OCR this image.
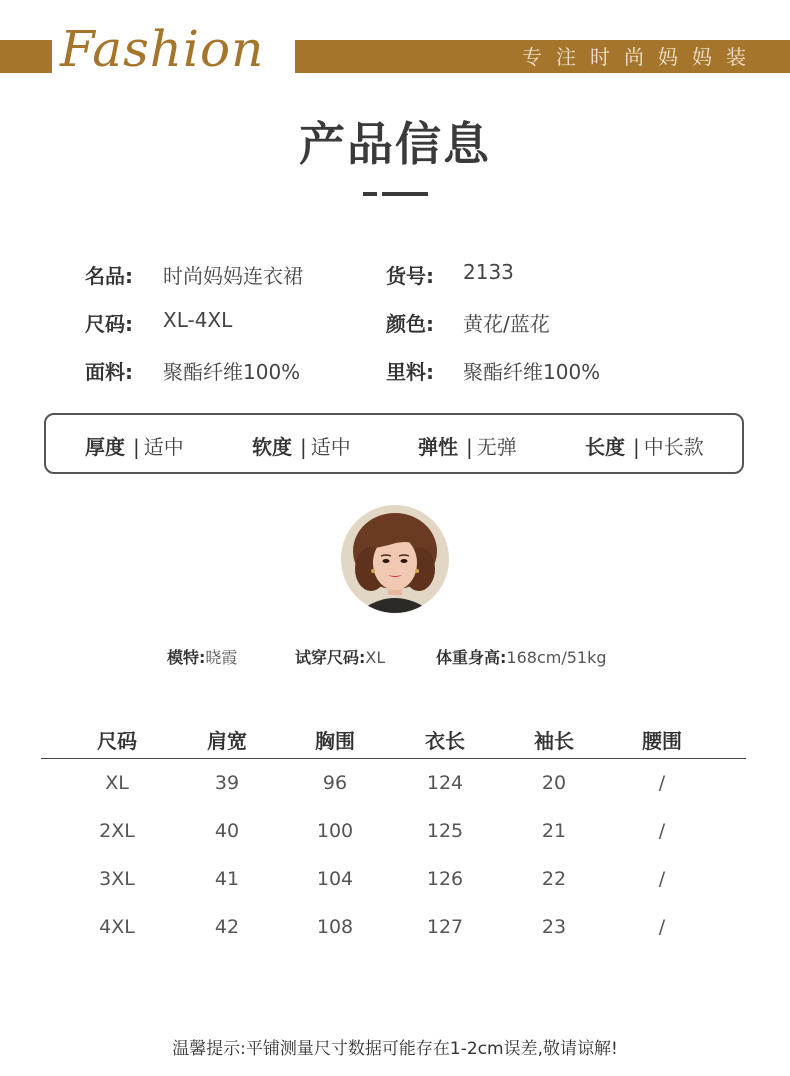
Fashion	专注时尚妈妈装
产品信息
名品: 时尚妈妈连衣裙	货号: 2133
尺码: XL-4XL	颜色: 黄花/蓝花
面料: 聚酯纤维100%	里料: 聚酯纤维100%
厚度 | 适中	软度 | 适中	弹性 | 无弹	长度 | 中长款
模特:晓霞	试穿尺码:XL	体重身高:168cm/51kg
尺码	肩宽	胸围	衣长	袖长	腰围
XL	39	96	124	20	/
2XL	40	100	125	21	/
3XL	41	104	126	22	/
4XL	42	108	127	23	/
温馨提示:平铺测量尺寸数据可能存在1-2cm误差,敬请谅解!
